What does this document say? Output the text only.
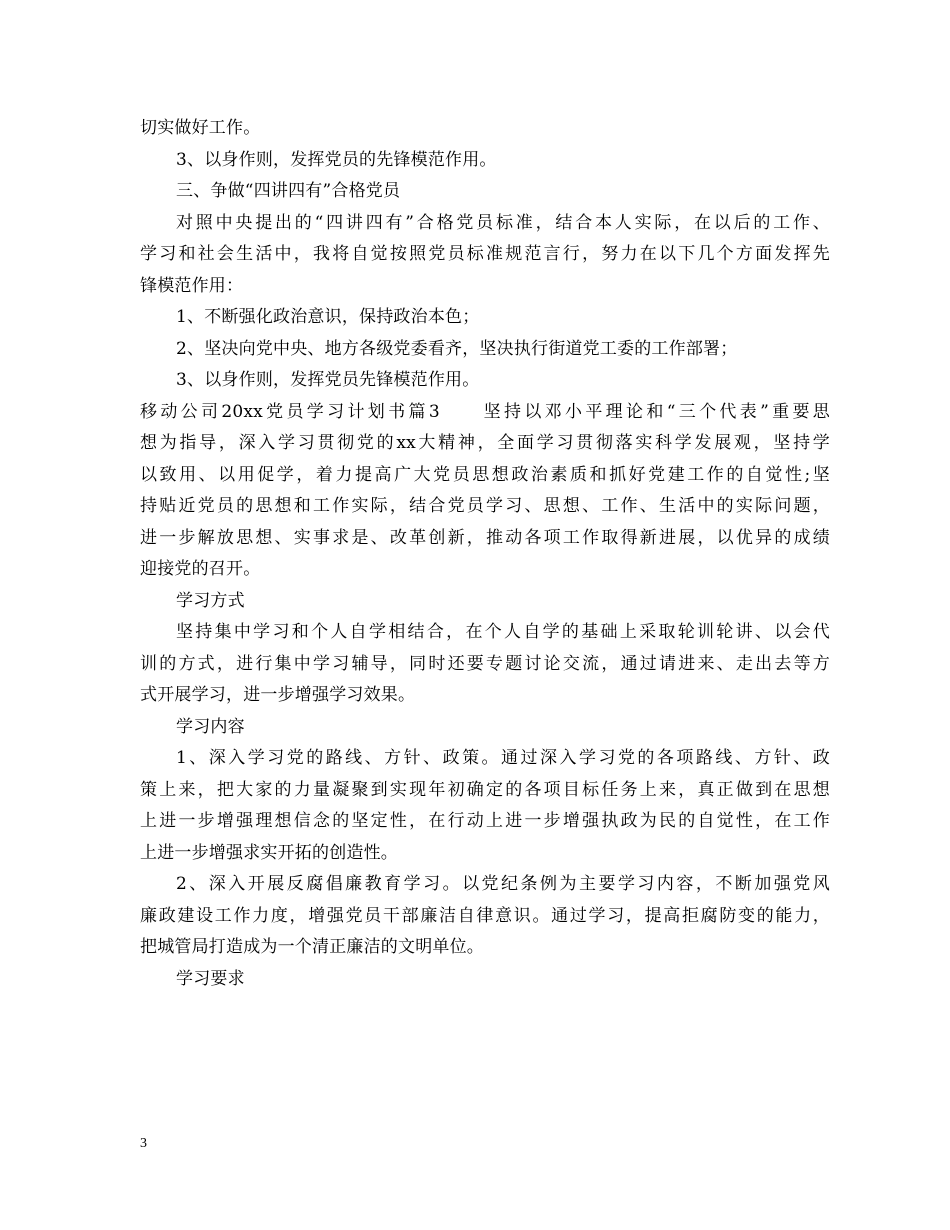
切实做好工作。
3、以身作则，发挥党员的先锋模范作用。
三、争做“四讲四有”合格党员
对照中央提出的“四讲四有”合格党员标准，结合本人实际，在以后的工作、
学习和社会生活中，我将自觉按照党员标准规范言行，努力在以下几个方面发挥先
锋模范作用：
1、不断强化政治意识，保持政治本色；
2、坚决向党中央、地方各级党委看齐，坚决执行街道党工委的工作部署；
3、以身作则，发挥党员先锋模范作用。
移动公司20xx党员学习计划书篇3　　坚持以邓小平理论和“三个代表”重要思
想为指导，深入学习贯彻党的xx大精神，全面学习贯彻落实科学发展观，坚持学
以致用、以用促学，着力提高广大党员思想政治素质和抓好党建工作的自觉性;坚
持贴近党员的思想和工作实际，结合党员学习、思想、工作、生活中的实际问题，
进一步解放思想、实事求是、改革创新，推动各项工作取得新进展，以优异的成绩
迎接党的召开。
学习方式
坚持集中学习和个人自学相结合，在个人自学的基础上采取轮训轮讲、以会代
训的方式，进行集中学习辅导，同时还要专题讨论交流，通过请进来、走出去等方
式开展学习，进一步增强学习效果。
学习内容
1、深入学习党的路线、方针、政策。通过深入学习党的各项路线、方针、政
策上来，把大家的力量凝聚到实现年初确定的各项目标任务上来，真正做到在思想
上进一步增强理想信念的坚定性，在行动上进一步增强执政为民的自觉性，在工作
上进一步增强求实开拓的创造性。
2、深入开展反腐倡廉教育学习。以党纪条例为主要学习内容，不断加强党风
廉政建设工作力度，增强党员干部廉洁自律意识。通过学习，提高拒腐防变的能力，
把城管局打造成为一个清正廉洁的文明单位。
学习要求
3
